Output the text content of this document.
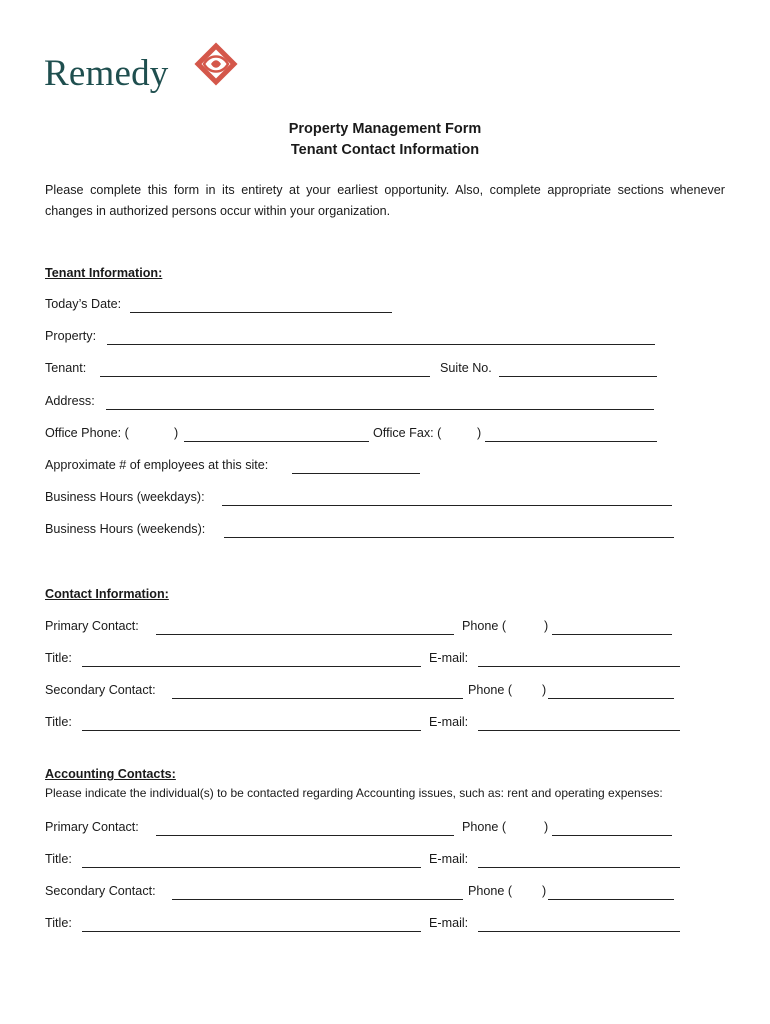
Remedy
Property Management Form
Tenant Contact Information
Please complete this form in its entirety at your earliest opportunity. Also, complete appropriate sections whenever changes in authorized persons occur within your organization.
Tenant Information:
Today’s Date:
Property:
Tenant:	Suite No.
Address:
Office Phone: (	)	Office Fax: (	)
Approximate # of employees at this site:
Business Hours (weekdays):
Business Hours (weekends):
Contact Information:
Primary Contact:	Phone (	)
Title:	E-mail:
Secondary Contact:	Phone ( )
Title:	E-mail:
Accounting Contacts:
Please indicate the individual(s) to be contacted regarding Accounting issues, such as: rent and operating expenses:
Primary Contact:	Phone (	)
Title:	E-mail:
Secondary Contact:	Phone ( )
Title:	E-mail:
